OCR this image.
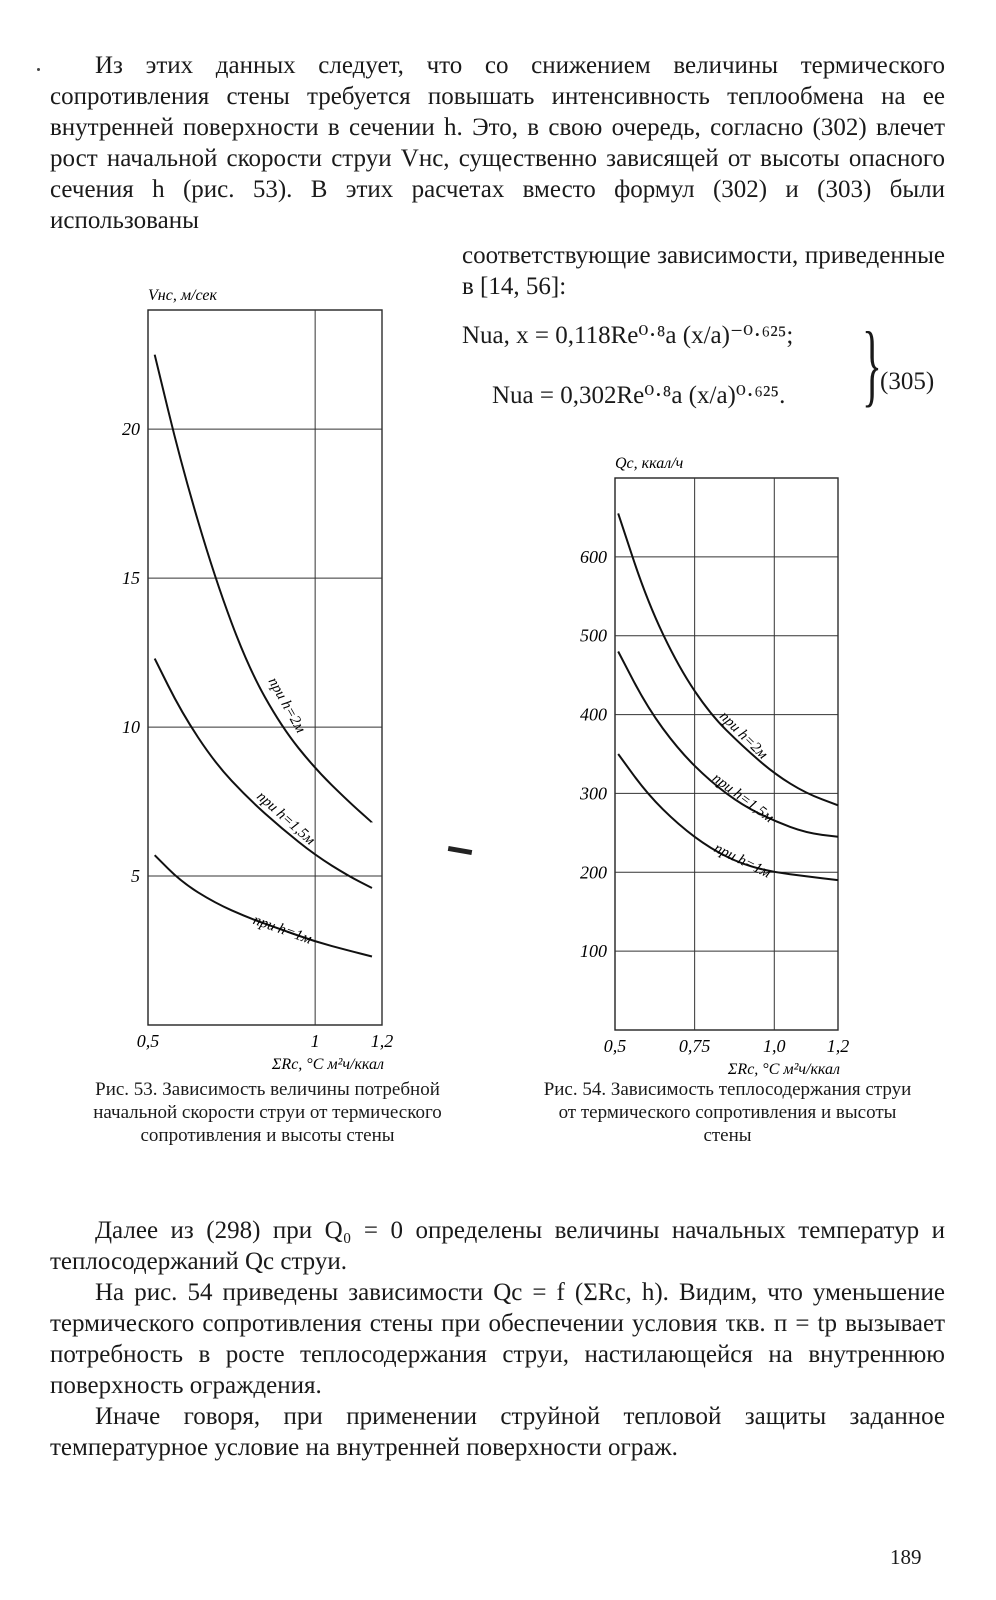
Из этих данных следует, что со снижением величины термического сопротивления стены требуется повышать интенсивность теплообмена на ее внутренней поверхности в сечении h. Это, в свою очередь, согласно (302) влечет рост начальной скорости струи Vнс, существенно зависящей от высоты опасного сечения h (рис. 53). В этих расчетах вместо формул (302) и (303) были использованы

соответствующие зависимости, приведенные в [14, 56]:

Nua, x = 0,118Re⁰·⁸a (x/a)⁻⁰·⁶²⁵;
Nua = 0,302Re⁰·⁸a (x/a)⁰·⁶²⁵. }
(305)
5
10
15
20
0,5	1	1,2
Vнс, м/сек
ΣRс, °С м²ч/ккал
при h=2м
при h=1,5м
при h=1м
100
200
300
400
500
600
0,5	0,75	1,0 1,2
Qс, ккал/ч
ΣRс, °С м²ч/ккал
при h=2м
при h=1,5м
при h=1м

Рис. 53. Зависимость величины потребной начальной скорости струи от термического сопротивления и высоты стены

Рис. 54. Зависимость теплосодержания струи от термического сопротивления и высоты стены

Далее из (298) при Q₀ = 0 определены величины начальных температур и теплосодержаний Qс струи.

На рис. 54 приведены зависимости Qс = f (ΣRс, h). Видим, что уменьшение термического сопротивления стены при обеспечении условия τкв. п = tр вызывает потребность в росте теплосодержания струи, настилающейся на внутреннюю поверхность ограждения.

Иначе говоря, при применении струйной тепловой защиты заданное температурное условие на внутренней поверхности ограж.

189
